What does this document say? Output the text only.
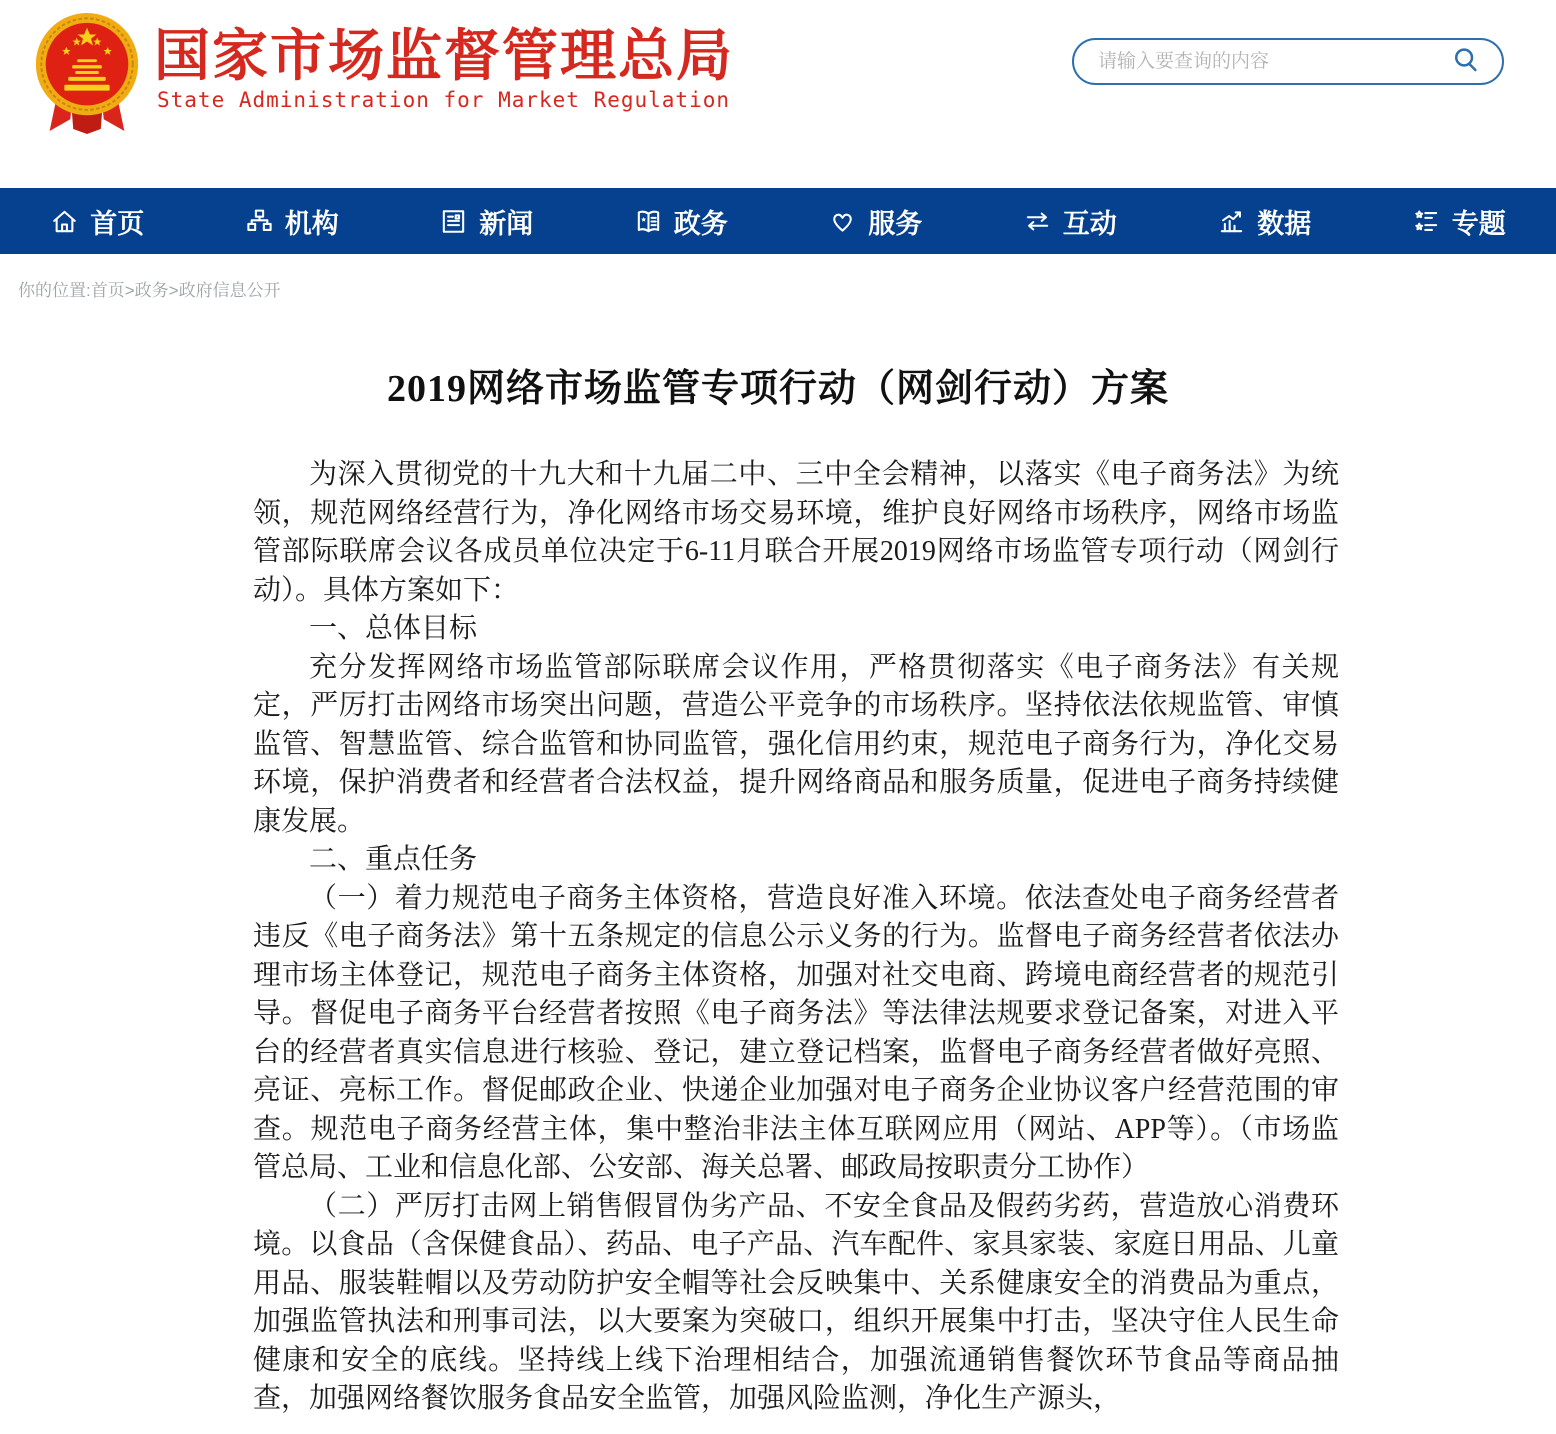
国家市场监督管理总局
State Administration for Market Regulation
请输入要查询的内容
首页	机构	新闻	政务	服务	互动	数据	专题
你的位置:首页>政务>政府信息公开
2019网络市场监管专项行动（网剑行动）方案

为深入贯彻党的十九大和十九届二中、三中全会精神，以落实《电子商务法》为统领，规范网络经营行为，净化网络市场交易环境，维护良好网络市场秩序，网络市场监管部际联席会议各成员单位决定于6-11月联合开展2019网络市场监管专项行动（网剑行动）。具体方案如下：

一、总体目标

充分发挥网络市场监管部际联席会议作用，严格贯彻落实《电子商务法》有关规定，严厉打击网络市场突出问题，营造公平竞争的市场秩序。坚持依法依规监管、审慎监管、智慧监管、综合监管和协同监管，强化信用约束，规范电子商务行为，净化交易环境，保护消费者和经营者合法权益，提升网络商品和服务质量，促进电子商务持续健康发展。

二、重点任务

（一）着力规范电子商务主体资格，营造良好准入环境。依法查处电子商务经营者违反《电子商务法》第十五条规定的信息公示义务的行为。监督电子商务经营者依法办理市场主体登记，规范电子商务主体资格，加强对社交电商、跨境电商经营者的规范引导。督促电子商务平台经营者按照《电子商务法》等法律法规要求登记备案，对进入平台的经营者真实信息进行核验、登记，建立登记档案，监督电子商务经营者做好亮照、亮证、亮标工作。督促邮政企业、快递企业加强对电子商务企业协议客户经营范围的审查。规范电子商务经营主体，集中整治非法主体互联网应用（网站、APP等）。（市场监管总局、工业和信息化部、公安部、海关总署、邮政局按职责分工协作）

（二）严厉打击网上销售假冒伪劣产品、不安全食品及假药劣药，营造放心消费环境。以食品（含保健食品）、药品、电子产品、汽车配件、家具家装、家庭日用品、儿童用品、服装鞋帽以及劳动防护安全帽等社会反映集中、关系健康安全的消费品为重点，加强监管执法和刑事司法，以大要案为突破口，组织开展集中打击，坚决守住人民生命健康和安全的底线。坚持线上线下治理相结合，加强流通销售餐饮环节食品等商品抽查，加强网络餐饮服务食品安全监管，加强风险监测，净化生产源头，
